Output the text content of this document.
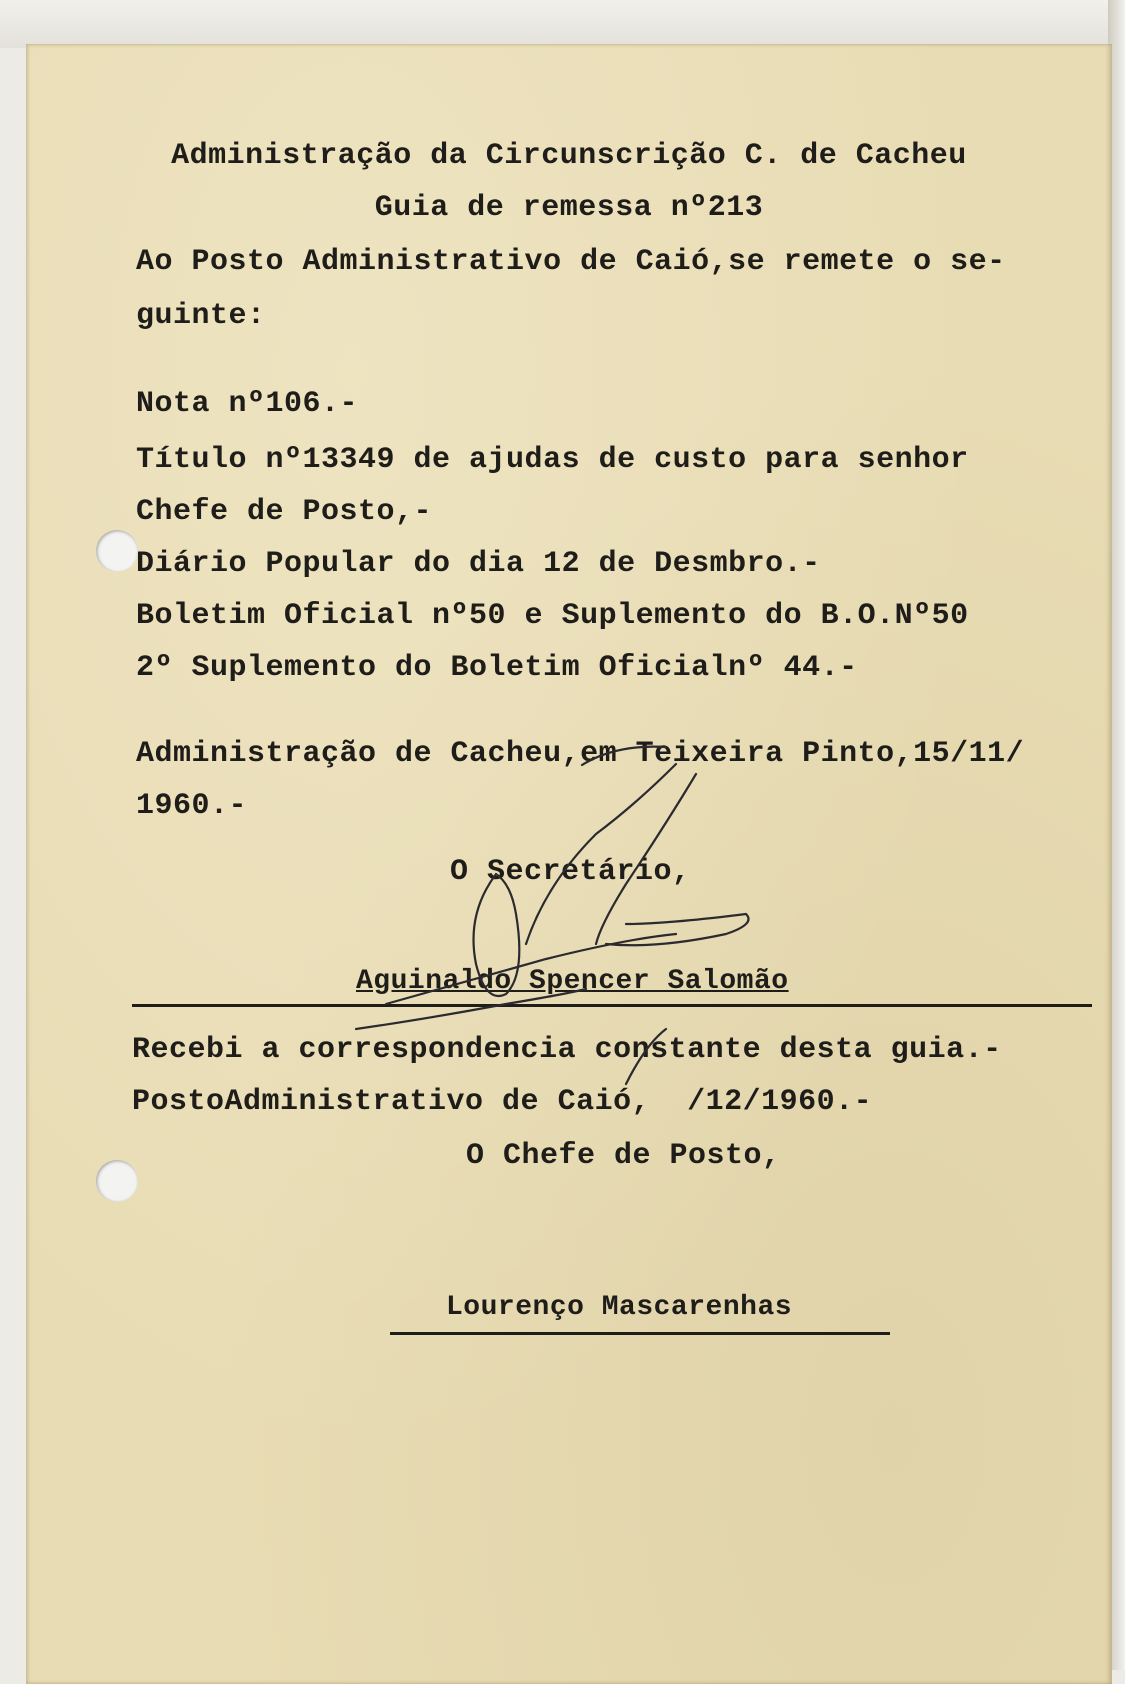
Administração da Circunscrição C. de Cacheu
Guia de remessa nº213
Ao Posto Administrativo de Caió,se remete o se-
guinte:
Nota nº106.-
Título nº13349 de ajudas de custo para senhor
Chefe de Posto,-
Diário Popular do dia 12 de Desmbro.-
Boletim Oficial nº50 e Suplemento do B.O.Nº50
2º Suplemento do Boletim Oficialnº 44.-
Administração de Cacheu,em Teixeira Pinto,15/11/
1960.-
O Secretário,
Aguinaldo Spencer Salomão
Recebi a correspondencia constante desta guia.-
PostoAdministrativo de Caió,  /12/1960.-
O Chefe de Posto,
Lourenço Mascarenhas
